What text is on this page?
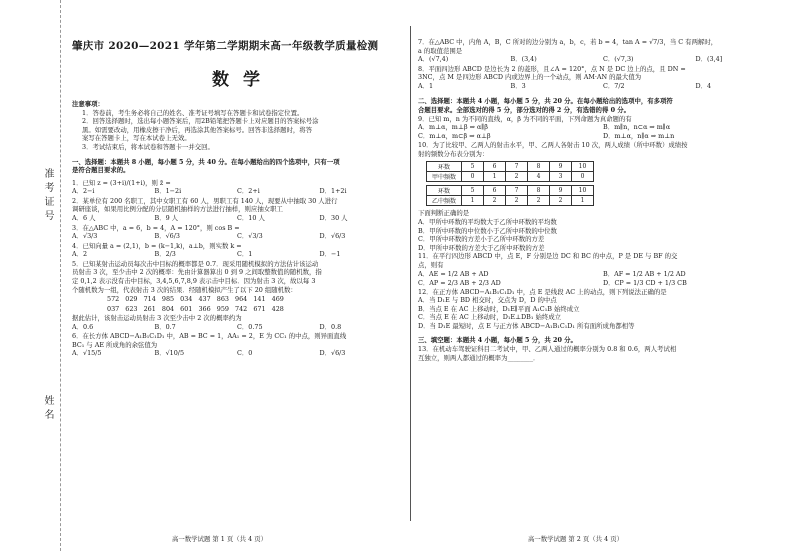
准考证号
姓名
肇庆市 2020—2021 学年第二学期期末高一年级教学质量检测
数学
注意事项：
1．答卷前，考生务必将自己的姓名、准考证号填写在答题卡和试卷指定位置。
2．回答选择题时，选出每小题答案后，用2B铅笔把答题卡上对应题目的答案标号涂
黑。如需要改动，用橡皮擦干净后，再选涂其他答案标号。回答非选择题时，将答
案写在答题卡上，写在本试卷上无效。
3．考试结束后，将本试卷和答题卡一并交回。
一、选择题：本题共 8 小题，每小题 5 分，共 40 分。在每小题给出的四个选项中，只有一项
是符合题目要求的。
1．已知 z = (3+i)/(1+i)，则 z̄ =
A．2−i	B．1−2i	C．2+i	D．1+2i
2．某单位有 200 名职工，其中女职工有 60 人，男职工有 140 人，现要从中抽取 30 人进行
调研座谈，如果用比例分配的分层随机抽样的方法进行抽样，则应抽女职工
A．6 人	B．9 人	C．10 人	D．30 人
3．在△ABC 中，a = 6，b = 4，A = 120°，则 cos B =
A．√3/3	B．√6/3	C．√3/3	D．√6/3
4．已知向量 a = (2,1)，b = (k−1,k)，a⊥b，则实数 k =
A．2	B．2/3	C．1	D．−1
5．已知某射击运动员每次击中目标的概率都是 0.7．现采用随机模拟的方法估计该运动
员射击 3 次，至少击中 2 次的概率：先由计算器算出 0 到 9 之间取整数值的随机数，指
定 0,1,2 表示没有击中目标，3,4,5,6,7,8,9 表示击中目标．因为射击 3 次，故以每 3
个随机数为一组，代表射击 3 次的结果．经随机模拟产生了以下 20 组随机数：
572   029   714   985   034   437   863   964   141   469
037   623   261   804   601   366   959   742   671   428
据此估计，该射击运动员射击 3 次至少击中 2 次的概率约为
A．0.6	B．0.7	C．0.75	D．0.8
6．在长方体 ABCD−A₁B₁C₁D₁ 中，AB = BC = 1，AA₁ = 2，E 为 CC₁ 的中点，则异面直线
BC₁ 与 AE 所成角的余弦值为
A．√15/5	B．√10/5	C．0	D．√6/3
高一数学试题 第 1 页（共 4 页）
7．在△ABC 中，内角 A，B，C 所对的边分别为 a，b，c，若 b = 4，tan A = √7/3，当 C 有两解时，
a 的取值范围是
A．(√7,4)	B．(3,4)	C．(√7,3)	D．(3,4]
8．平面四边形 ABCD 是边长为 2 的菱形，且∠A = 120°，点 N 是 DC 边上的点，且 DN =
3NC，点 M 是四边形 ABCD 内或边界上的一个动点，则 AM·AN 的最大值为
A．1	B．3	C．7/2	D．4
二、选择题：本题共 4 小题，每小题 5 分，共 20 分。在每小题给出的选项中，有多项符
合题目要求。全部选对的得 5 分，部分选对的得 2 分，有选错的得 0 分。
9．已知 m，n 为不同的直线，α，β 为不同的平面，下列命题为真命题的有
A．m⊥α，m⊥β ⇒ α∥β	B．m∥n，n⊂α ⇒ m∥α
C．m⊥α，m⊂β ⇒ α⊥β	D．m⊥α，n∥α ⇒ m⊥n
10．为了比较甲、乙两人的射击水平，甲、乙两人各射击 10 次，两人成绩（所中环数）成绩按
射的频数分布表分别为：
环数	5	6	7	8	9	10
甲中频数	0	1	2	4	3	0
环数	5	6	7	8	9	10
乙中频数	1	2	2	2	2	1
下面判断正确的是
A．甲所中环数的平均数大于乙所中环数的平均数
B．甲所中环数的中位数小于乙所中环数的中位数
C．甲所中环数的方差小于乙所中环数的方差
D．甲所中环数的方差大于乙所中环数的方差
11．在平行四边形 ABCD 中，点 E，F 分别是边 DC 和 BC 的中点，P 是 DE 与 BF 的交
点，则有
A．AE = 1/2 AB + AD	B．AF = 1/2 AB + 1/2 AD
C．AP = 2/3 AB + 2/3 AD	D．CP = 1/3 CD + 1/3 CB
12．在正方体 ABCD−A₁B₁C₁D₁ 中，点 E 是线段 AC 上的动点，则下列说法正确的是
A．当 D₁E 与 BD 相交时，交点为 D，D 的中点
B．当点 E 在 AC 上移动时，D₁E∥平面 A₁C₁B 始终成立
C．当点 E 在 AC 上移动时，D₁E⊥DB₁ 始终成立
D．当 D₁E 最短时，点 E 与正方体 ABCD−A₁B₁C₁D₁ 所有面所成角都相等
三、填空题：本题共 4 小题，每小题 5 分，共 20 分。
13．在机动车驾驶证科目二考试中，甲、乙两人通过的概率分别为 0.8 和 0.6，两人考试相
互独立，则两人都通过的概率为________．
高一数学试题 第 2 页（共 4 页）
